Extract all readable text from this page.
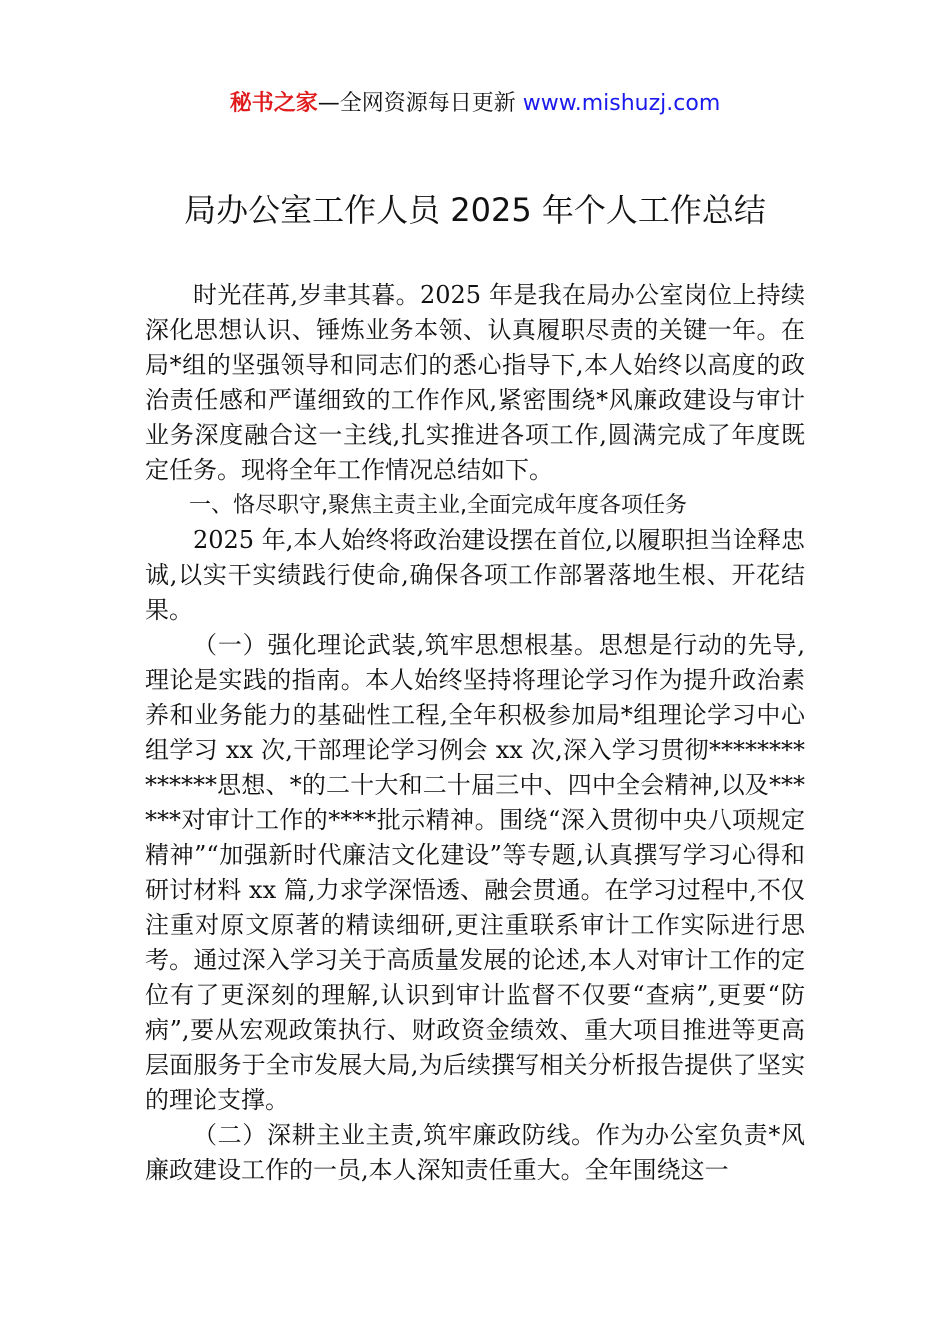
秘书之家—全网资源每日更新 www.mishuzj.com
局办公室工作人员 2025 年个人工作总结

时光荏苒,岁聿其暮。2025 年是我在局办公室岗位上持续深化思想认识、锤炼业务本领、认真履职尽责的关键一年。在局*组的坚强领导和同志们的悉心指导下,本人始终以高度的政治责任感和严谨细致的工作作风,紧密围绕*风廉政建设与审计业务深度融合这一主线,扎实推进各项工作,圆满完成了年度既定任务。现将全年工作情况总结如下。

一、恪尽职守,聚焦主责主业,全面完成年度各项任务

2025 年,本人始终将政治建设摆在首位,以履职担当诠释忠诚,以实干实绩践行使命,确保各项工作部署落地生根、开花结果。

（一）强化理论武装,筑牢思想根基。思想是行动的先导,理论是实践的指南。本人始终坚持将理论学习作为提升政治素养和业务能力的基础性工程,全年积极参加局*组理论学习中心组学习 xx 次,干部理论学习例会 xx 次,深入学习贯彻**************思想、*的二十大和二十届三中、四中全会精神,以及******对审计工作的****批示精神。围绕“深入贯彻中央八项规定精神”“加强新时代廉洁文化建设”等专题,认真撰写学习心得和研讨材料 xx 篇,力求学深悟透、融会贯通。在学习过程中,不仅注重对原文原著的精读细研,更注重联系审计工作实际进行思考。通过深入学习关于高质量发展的论述,本人对审计工作的定位有了更深刻的理解,认识到审计监督不仅要“查病”,更要“防病”,要从宏观政策执行、财政资金绩效、重大项目推进等更高层面服务于全市发展大局,为后续撰写相关分析报告提供了坚实的理论支撑。

（二）深耕主业主责,筑牢廉政防线。作为办公室负责*风廉政建设工作的一员,本人深知责任重大。全年围绕这一
